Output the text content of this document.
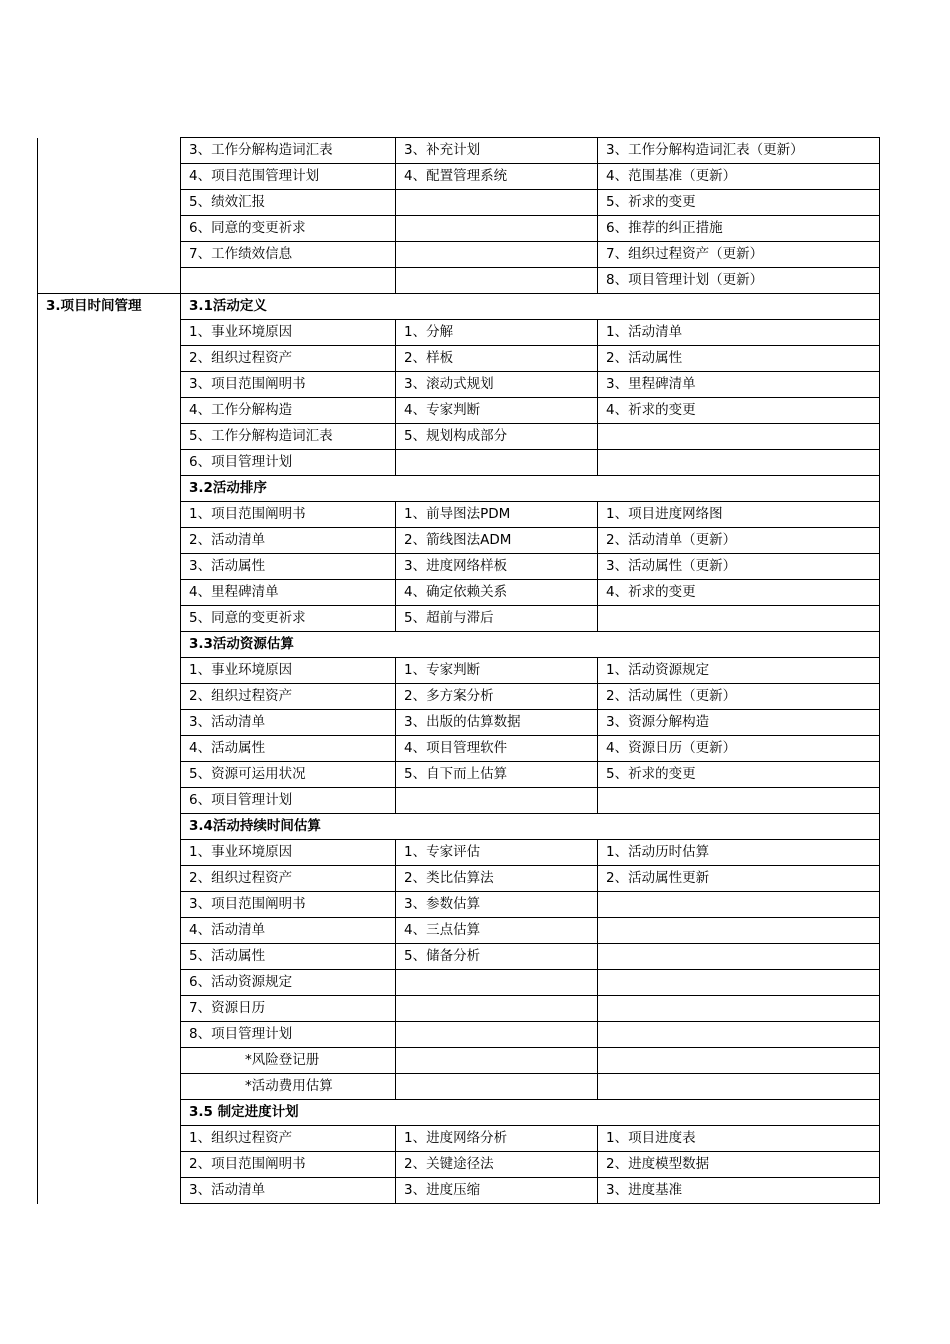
	3、工作分解构造词汇表	3、补充计划	3、工作分解构造词汇表（更新）
	4、项目范围管理计划	4、配置管理系统	4、范围基准（更新）
	5、绩效汇报		5、祈求的变更
	6、同意的变更祈求		6、推荐的纠正措施
	7、工作绩效信息		7、组织过程资产（更新）
			8、项目管理计划（更新）
3.项目时间管理	3.1活动定义		
	1、事业环境原因	1、分解	1、活动清单
	2、组织过程资产	2、样板	2、活动属性
	3、项目范围阐明书	3、滚动式规划	3、里程碑清单
	4、工作分解构造	4、专家判断	4、祈求的变更
	5、工作分解构造词汇表	5、规划构成部分	
	6、项目管理计划		
	3.2活动排序		
	1、项目范围阐明书	1、前导图法PDM	1、项目进度网络图
	2、活动清单	2、箭线图法ADM	2、活动清单（更新）
	3、活动属性	3、进度网络样板	3、活动属性（更新）
	4、里程碑清单	4、确定依赖关系	4、祈求的变更
	5、同意的变更祈求	5、超前与滞后	
	3.3活动资源估算		
	1、事业环境原因	1、专家判断	1、活动资源规定
	2、组织过程资产	2、多方案分析	2、活动属性（更新）
	3、活动清单	3、出版的估算数据	3、资源分解构造
	4、活动属性	4、项目管理软件	4、资源日历（更新）
	5、资源可运用状况	5、自下而上估算	5、祈求的变更
	6、项目管理计划		
	3.4活动持续时间估算		
	1、事业环境原因	1、专家评估	1、活动历时估算
	2、组织过程资产	2、类比估算法	2、活动属性更新
	3、项目范围阐明书	3、参数估算	
	4、活动清单	4、三点估算	
	5、活动属性	5、储备分析	
	6、活动资源规定		
	7、资源日历		
	8、项目管理计划		
	*风险登记册		
	*活动费用估算		
	3.5 制定进度计划		
	1、组织过程资产	1、进度网络分析	1、项目进度表
	2、项目范围阐明书	2、关键途径法	2、进度模型数据
	3、活动清单	3、进度压缩	3、进度基准
